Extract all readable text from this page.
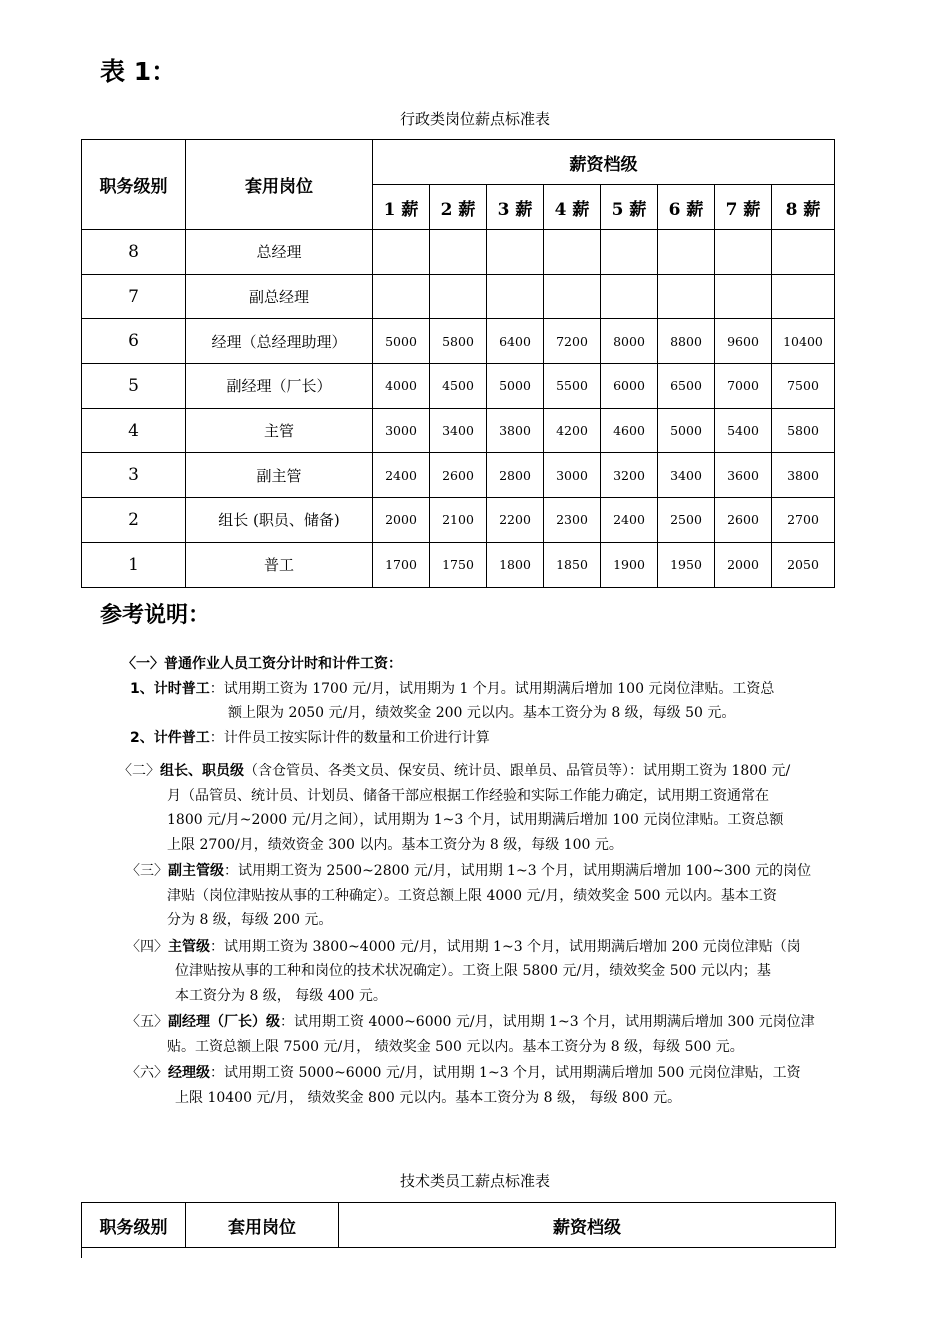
表 1：
行政类岗位薪点标准表
职务级别	套用岗位	薪资档级							
		1 薪	2 薪	3 薪	4 薪	5 薪	6 薪	7 薪	8 薪
8	总经理								
7	副总经理								
6	经理（总经理助理）	5000	5800	6400	7200	8000	8800	9600	10400
5	副经理（厂长）	4000	4500	5000	5500	6000	6500	7000	7500
4	主管	3000	3400	3800	4200	4600	5000	5400	5800
3	副主管	2400	2600	2800	3000	3200	3400	3600	3800
2	组长 (职员、储备)	2000	2100	2200	2300	2400	2500	2600	2700
1	普工	1700	1750	1800	1850	1900	1950	2000	2050
参考说明：

〈一〉普通作业人员工资分计时和计件工资：

1、计时普工：试用期工资为 1700 元/月，试用期为 1 个月。试用期满后增加 100 元岗位津贴。工资总

额上限为 2050 元/月，绩效奖金 200 元以内。基本工资分为 8 级，每级 50 元。

2、计件普工：计件员工按实际计件的数量和工价进行计算

〈二〉组长、职员级（含仓管员、各类文员、保安员、统计员、跟单员、品管员等）：试用期工资为 1800 元/

月（品管员、统计员、计划员、储备干部应根据工作经验和实际工作能力确定，试用期工资通常在

1800 元/月~2000 元/月之间），试用期为 1~3 个月，试用期满后增加 100 元岗位津贴。工资总额

上限 2700/月，绩效资金 300 以内。基本工资分为 8 级，每级 100 元。

〈三〉副主管级：试用期工资为 2500~2800 元/月，试用期 1~3 个月，试用期满后增加 100~300 元的岗位

津贴（岗位津贴按从事的工种确定）。工资总额上限 4000 元/月，绩效奖金 500 元以内。基本工资

分为 8 级，每级 200 元。

〈四〉主管级：试用期工资为 3800~4000 元/月，试用期 1~3 个月，试用期满后增加 200 元岗位津贴（岗

位津贴按从事的工种和岗位的技术状况确定）。工资上限 5800 元/月，绩效奖金 500 元以内；基

本工资分为 8 级， 每级 400 元。

〈五〉副经理（厂长）级：试用期工资 4000~6000 元/月，试用期 1~3 个月，试用期满后增加 300 元岗位津

贴。工资总额上限 7500 元/月， 绩效奖金 500 元以内。基本工资分为 8 级，每级 500 元。

〈六〉经理级：试用期工资 5000~6000 元/月，试用期 1~3 个月，试用期满后增加 500 元岗位津贴，工资

上限 10400 元/月， 绩效奖金 800 元以内。基本工资分为 8 级， 每级 800 元。

技术类员工薪点标准表
职务级别	套用岗位	薪资档级
